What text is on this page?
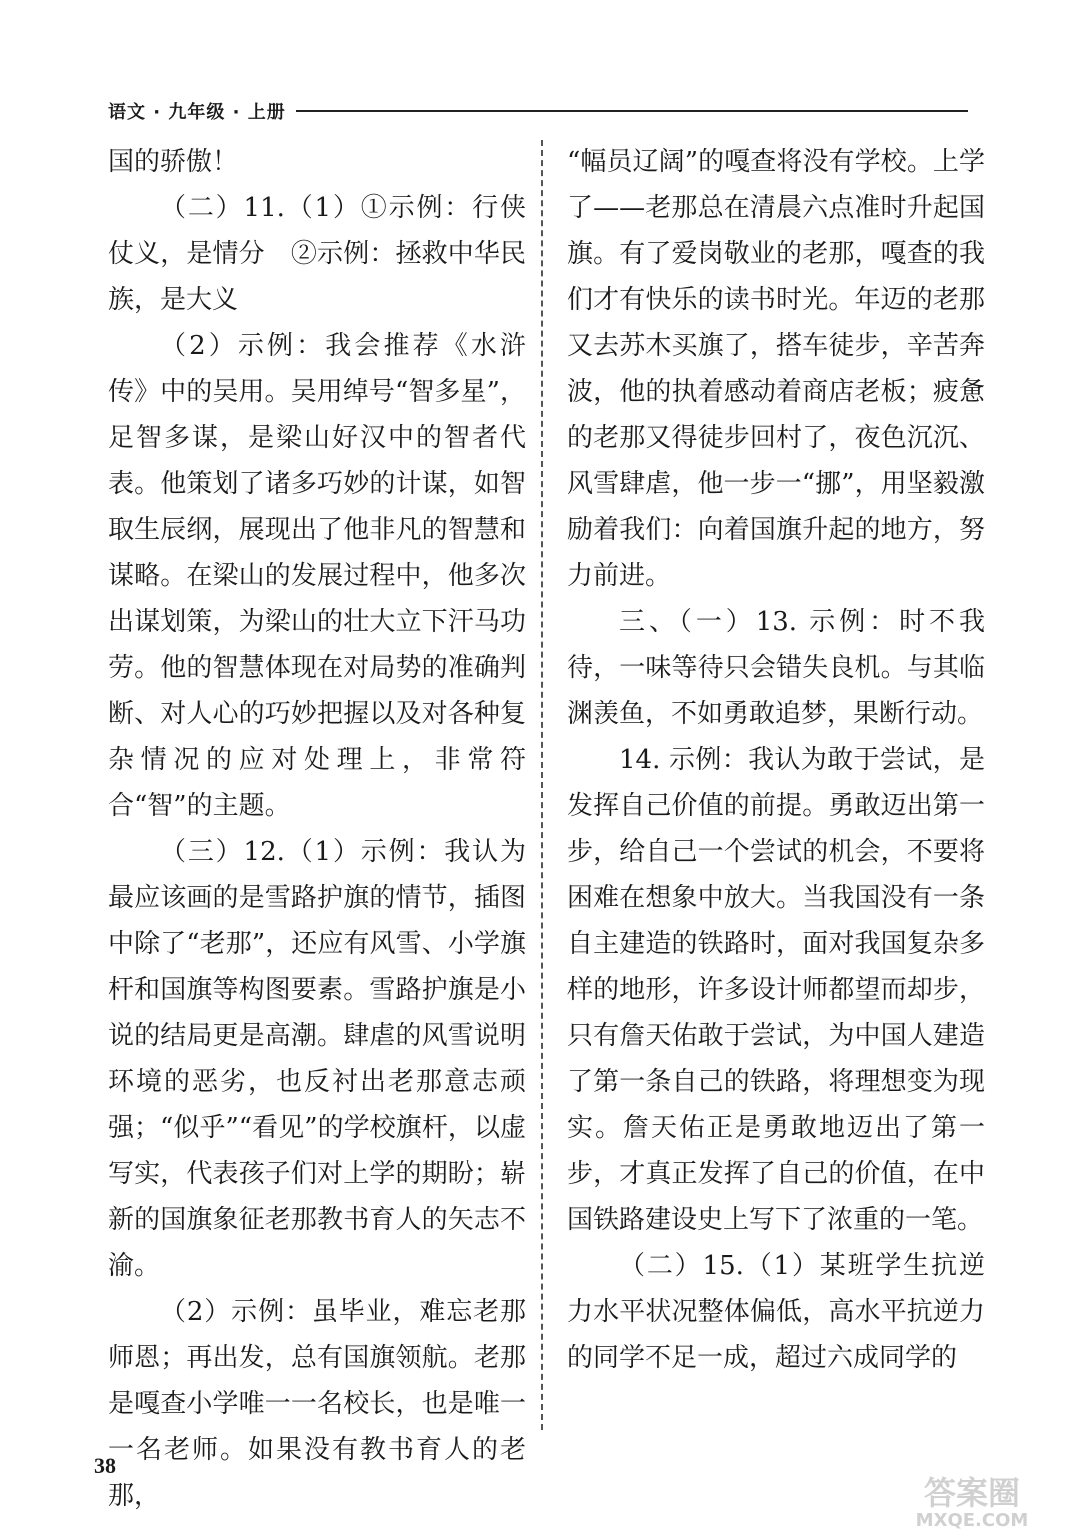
语文 · 九年级 · 上册

国的骄傲！

（二）11.（1）①示例：行侠仗义，是情分　②示例：拯救中华民族，是大义

（2）示例：我会推荐《水浒传》中的吴用。吴用绰号“智多星”，足智多谋，是梁山好汉中的智者代表。他策划了诸多巧妙的计谋，如智取生辰纲，展现出了他非凡的智慧和谋略。在梁山的发展过程中，他多次出谋划策，为梁山的壮大立下汗马功劳。他的智慧体现在对局势的准确判断、对人心的巧妙把握以及对各种复杂情况的应对处理上，非常符合“智”的主题。

（三）12.（1）示例：我认为最应该画的是雪路护旗的情节，插图中除了“老那”，还应有风雪、小学旗杆和国旗等构图要素。雪路护旗是小说的结局更是高潮。肆虐的风雪说明环境的恶劣，也反衬出老那意志顽强；“似乎”“看见”的学校旗杆，以虚写实，代表孩子们对上学的期盼；崭新的国旗象征老那教书育人的矢志不渝。

（2）示例：虽毕业，难忘老那师恩；再出发，总有国旗领航。老那是嘎查小学唯一一名校长，也是唯一一名老师。如果没有教书育人的老那，

“幅员辽阔”的嘎查将没有学校。上学了——老那总在清晨六点准时升起国旗。有了爱岗敬业的老那，嘎查的我们才有快乐的读书时光。年迈的老那又去苏木买旗了，搭车徒步，辛苦奔波，他的执着感动着商店老板；疲惫的老那又得徒步回村了，夜色沉沉、风雪肆虐，他一步一“挪”，用坚毅激励着我们：向着国旗升起的地方，努力前进。

三、（一）13. 示例：时不我待，一味等待只会错失良机。与其临渊羡鱼，不如勇敢追梦，果断行动。

14. 示例：我认为敢于尝试，是发挥自己价值的前提。勇敢迈出第一步，给自己一个尝试的机会，不要将困难在想象中放大。当我国没有一条自主建造的铁路时，面对我国复杂多样的地形，许多设计师都望而却步，只有詹天佑敢于尝试，为中国人建造了第一条自己的铁路，将理想变为现实。詹天佑正是勇敢地迈出了第一步，才真正发挥了自己的价值，在中国铁路建设史上写下了浓重的一笔。

（二）15.（1）某班学生抗逆力水平状况整体偏低，高水平抗逆力的同学不足一成，超过六成同学的

38
答案圈
MXQE.COM
